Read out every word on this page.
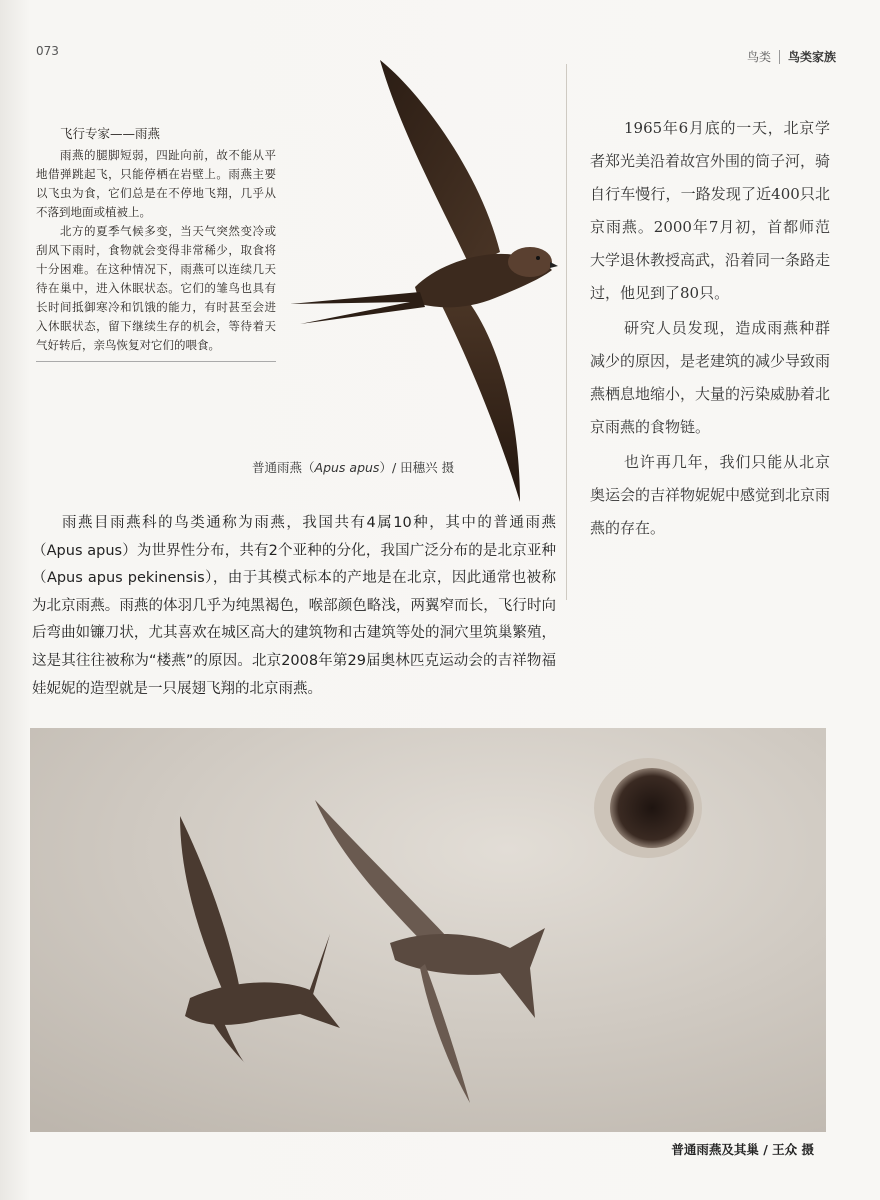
073	鸟类 鸟类家族
飞行专家——雨燕

雨燕的腿脚短弱，四趾向前，故不能从平地借弹跳起飞，只能停栖在岩壁上。雨燕主要以飞虫为食，它们总是在不停地飞翔，几乎从不落到地面或植被上。

北方的夏季气候多变，当天气突然变冷或刮风下雨时，食物就会变得非常稀少，取食将十分困难。在这种情况下，雨燕可以连续几天待在巢中，进入休眠状态。它们的雏鸟也具有长时间抵御寒冷和饥饿的能力，有时甚至会进入休眠状态，留下继续生存的机会，等待着天气好转后，亲鸟恢复对它们的喂食。

普通雨燕（Apus apus）/ 田穗兴 摄

1965年6月底的一天，北京学者郑光美沿着故宫外围的筒子河，骑自行车慢行，一路发现了近400只北京雨燕。2000年7月初，首都师范大学退休教授高武，沿着同一条路走过，他见到了80只。

研究人员发现，造成雨燕种群减少的原因，是老建筑的减少导致雨燕栖息地缩小，大量的污染威胁着北京雨燕的食物链。

也许再几年，我们只能从北京奥运会的吉祥物妮妮中感觉到北京雨燕的存在。

雨燕目雨燕科的鸟类通称为雨燕，我国共有4属10种，其中的普通雨燕（Apus apus）为世界性分布，共有2个亚种的分化，我国广泛分布的是北京亚种（Apus apus pekinensis），由于其模式标本的产地是在北京，因此通常也被称为北京雨燕。雨燕的体羽几乎为纯黑褐色，喉部颜色略浅，两翼窄而长，飞行时向后弯曲如镰刀状，尤其喜欢在城区高大的建筑物和古建筑等处的洞穴里筑巢繁殖，这是其往往被称为“楼燕”的原因。北京2008年第29届奥林匹克运动会的吉祥物福娃妮妮的造型就是一只展翅飞翔的北京雨燕。

普通雨燕及其巢 / 王众 摄
